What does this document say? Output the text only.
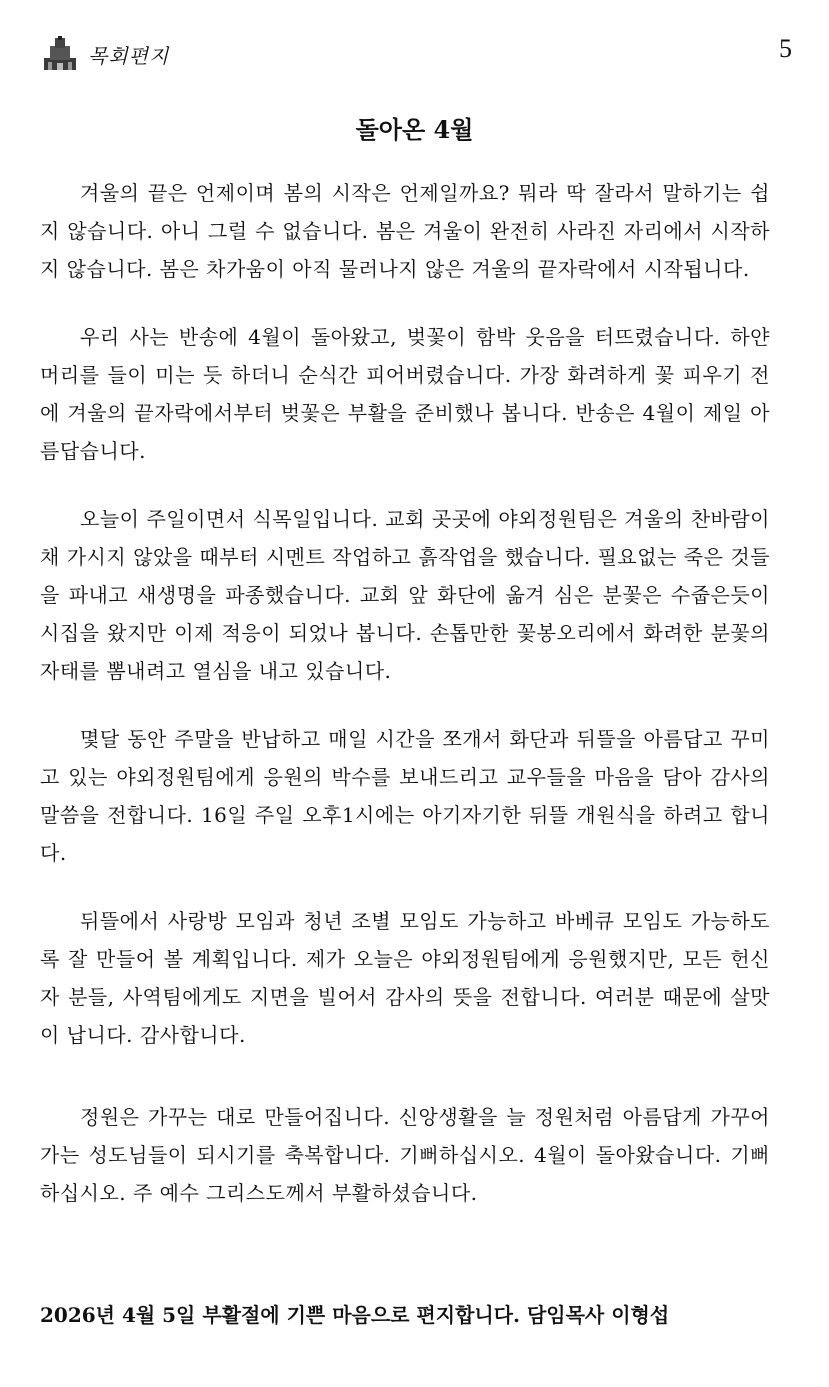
목회편지	5
돌아온 4월

겨울의 끝은 언제이며 봄의 시작은 언제일까요? 뭐라 딱 잘라서 말하기는 쉽지 않습니다. 아니 그럴 수 없습니다. 봄은 겨울이 완전히 사라진 자리에서 시작하지 않습니다. 봄은 차가움이 아직 물러나지 않은 겨울의 끝자락에서 시작됩니다.

우리 사는 반송에 4월이 돌아왔고, 벚꽃이 함박 웃음을 터뜨렸습니다. 하얀 머리를 들이 미는 듯 하더니 순식간 피어버렸습니다. 가장 화려하게 꽃 피우기 전에 겨울의 끝자락에서부터 벚꽃은 부활을 준비했나 봅니다. 반송은 4월이 제일 아름답습니다.

오늘이 주일이면서 식목일입니다. 교회 곳곳에 야외정원팀은 겨울의 찬바람이 채 가시지 않았을 때부터 시멘트 작업하고 흙작업을 했습니다. 필요없는 죽은 것들을 파내고 새생명을 파종했습니다. 교회 앞 화단에 옮겨 심은 분꽃은 수줍은듯이 시집을 왔지만 이제 적응이 되었나 봅니다. 손톱만한 꽃봉오리에서 화려한 분꽃의 자태를 뽐내려고 열심을 내고 있습니다.

몇달 동안 주말을 반납하고 매일 시간을 쪼개서 화단과 뒤뜰을 아름답고 꾸미고 있는 야외정원팀에게 응원의 박수를 보내드리고 교우들을 마음을 담아 감사의 말씀을 전합니다. 16일 주일 오후1시에는 아기자기한 뒤뜰 개원식을 하려고 합니다.

뒤뜰에서 사랑방 모임과 청년 조별 모임도 가능하고 바베큐 모임도 가능하도록 잘 만들어 볼 계획입니다. 제가 오늘은 야외정원팀에게 응원했지만, 모든 헌신자 분들, 사역팀에게도 지면을 빌어서 감사의 뜻을 전합니다. 여러분 때문에 살맛이 납니다. 감사합니다.

정원은 가꾸는 대로 만들어집니다. 신앙생활을 늘 정원처럼 아름답게 가꾸어 가는 성도님들이 되시기를 축복합니다. 기뻐하십시오. 4월이 돌아왔습니다. 기뻐하십시오. 주 예수 그리스도께서 부활하셨습니다.

2026년 4월 5일 부활절에 기쁜 마음으로 편지합니다. 담임목사 이형섭
